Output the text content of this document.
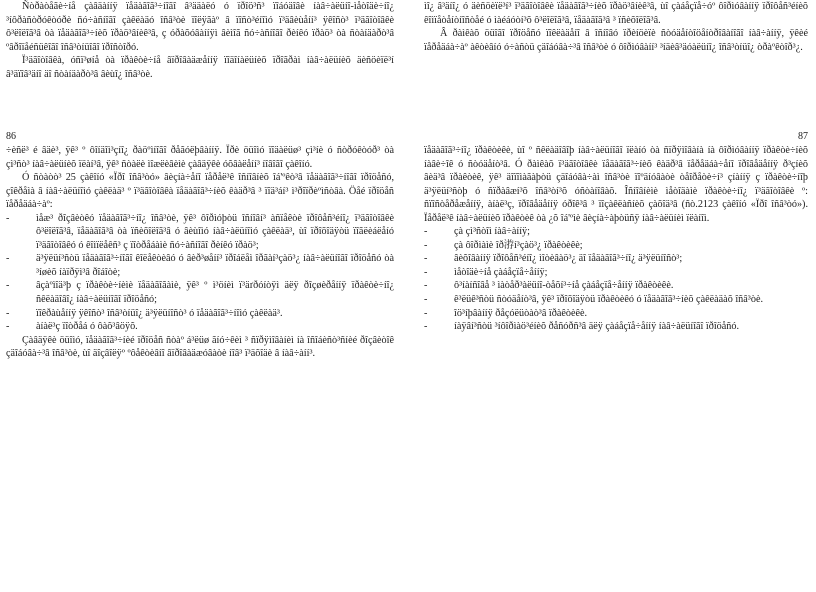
Ñòðàòåãè÷íå çàâäàííÿ ïåäàãîã³÷íîãî â³ääàëó ó ïðîö³ñ³ ïîáóäîâè íàâ÷àëüíî-ìåòîäè÷íî¿ ³íôðàñòðóêòóðè ñó÷àñíîãî çàêëàäó îñâ³òè ïîëÿãàº â ïîñò³éíîìó ï³äâèùåíí³ ÿêîñò³ ï³äãîòîâêè ô³ëîëîã³â òà ïåäàãîã³÷íèõ ïðàö³âíèê³â, ç óðàõóâàííÿì âèìîã ñó÷àñíîãî ðèíêó ïðàö³ òà ñòàíäàðò³â ºâðîïåéñüêîãî îñâ³òíüîãî ïðîñòîðó.

Ï³äãîòîâêà, óñï³øíå òà ïðàêòè÷íå âïðîâàäæåííÿ ïîäîíàëüíèõ ïðîãðàì íàâ÷àëüíèõ äèñöèïë³í â³äïîâ³äíî äî ñòàíäàðò³â âèùî¿ îñâ³òè.

86

÷èñë³ é âäè³, ÿê³ º ôîíäîì³çíî¿ ðàöºìíîãî ðåãóëþâàííÿ. Ïðè öüîìó ïîäàëüø³ çì³íè ó ñòðóêòóð³ òà çì³ñò³ íàâ÷àëüíèõ ïëàí³â, ÿê³ ñòàëè ìîæëèâèìè çàâäÿêè óõâàëåíí³ íîâîãî çàêîíó.

Ó ñòàòò³ 25 çàêîíó «Ïðî îñâ³òó» âèçíà÷åíî ïåðåë³ê îñíîâíèõ îá'ºêò³â ïåäàãîã³÷íîãî ïðîöåñó, çîêðåìà â íàâ÷àëüíîìó çàêëàä³ º ï³äãîòîâêà ïåäàãîã³÷íèõ êàäð³â ³ ïîä³áí³ ì³ðîïðèºìñòâà. Öåé ïðîöåñ ïåðåäáà÷àº:

-	ìåæ³ ðîçâèòêó ïåäàãîã³÷íî¿ îñâ³òè, ÿê³ ôîðìóþòü îñíîâí³ àñïåêòè ïðîôåñ³éíî¿ ï³äãîòîâêè ô³ëîëîã³â, ïåäàãîã³â òà ïñèõîëîã³â ó âèùîìó íàâ÷àëüíîìó çàêëàä³, ùî ïðîõîäÿòü ïîãëèáëåíó ï³äãîòîâêó ó êîìïëåêñ³ ç ïîòðåáàìè ñó÷àñíîãî ðèíêó ïðàö³;
-	ä³ÿëüí³ñòü ïåäàãîã³÷íîãî êîëåêòèâó ó âèð³øåíí³ ïðîáëåì îðãàí³çàö³¿ íàâ÷àëüíîãî ïðîöåñó òà ³íøèõ íàïðÿì³â ðîáîòè;
-	âçàºìîä³þ ç ïðàêòè÷íèìè ïåäàãîãàìè, ÿê³ º ì³öíèì ï³äґðóíòÿì äëÿ ðîçøèðåííÿ ïðàêòè÷íî¿ ñêëàäîâî¿ íàâ÷àëüíîãî ïðîöåñó;
-	ïîêðàùåííÿ ÿêîñò³ îñâ³òíüî¿ ä³ÿëüíîñò³ ó ïåäàãîã³÷íîìó çàêëàä³.
-	àíàë³ç ïîòðåá ó ôàõ³âöÿõ.

Çàâäÿêè öüîìó, ïåäàãîã³÷íèé ïðîöåñ ñòàº á³ëüø ãíó÷êèì ³ ñïðÿìîâàíèì íà îñîáèñò³ñíèé ðîçâèòîê çäîáóâà÷³â îñâ³òè, ùî äîçâîëÿº ºôåêòèâíî âïðîâàäæóâàòè íîâ³ ï³äõîäè â íàâ÷àíí³.

ìî¿ â³äíî¿ ó äèñöèïë³í³ ï³äãîòîâêè ïåäàãîã³÷íèõ ïðàö³âíèê³â, ùî çàáåçïå÷óº ôîðìóâàííÿ ïðîôåñ³éíèõ êîìïåòåíòíîñòåé ó ìàéáóòí³õ ô³ëîëîã³â, ïåäàãîã³â ³ ïñèõîëîã³â.

Â ðàìêàõ öüîãî ïðîöåñó ïîêëàäåíî â îñíîâó ïðèíöèïè ñòóäåíòîöåíòðîâàíîãî íàâ÷àííÿ, ÿêèé ïåðåäáà÷àº àêòèâíó ó÷àñòü çäîáóâà÷³â îñâ³òè ó ôîðìóâàíí³ ³íäèâ³äóàëüíî¿ îñâ³òíüî¿ òðàºêòîð³¿.

87

ïåäàãîã³÷íî¿ ïðàêòèêè, ùî º ñêëàäîâîþ íàâ÷àëüíîãî ïëàíó òà ñïðÿìîâàíà íà ôîðìóâàííÿ ïðàêòè÷íèõ íàâè÷îê ó ñòóäåíò³â. Ó ðàìêàõ ï³äãîòîâêè ïåäàãîã³÷íèõ êàäð³â ïåðåäáà÷åíî ïðîâåäåííÿ ð³çíèõ âèä³â ïðàêòèê, ÿê³ äîïîìàãàþòü çäîáóâà÷àì îñâ³òè ïîºäíóâàòè òåîðåòè÷í³ çíàííÿ ç ïðàêòè÷íîþ ä³ÿëüí³ñòþ ó ñïðàâæí³õ îñâ³òí³õ óñòàíîâàõ. Îñíîâíèìè ìåòîäàìè ïðàêòè÷íî¿ ï³äãîòîâêè º: ñïîñòåðåæåííÿ, àíàë³ç, ïðîâåäåííÿ óðîê³â ³ ïîçàêëàñíèõ çàõîä³â (ñò.2123 çàêîíó «Ïðî îñâ³òó»). Ïåðåë³ê íàâ÷àëüíèõ ïðàêòèê òà ¿õ îá'ºìè âèçíà÷àþòüñÿ íàâ÷àëüíèì ïëàíîì.

-	çà çì³ñòîì íàâ÷àííÿ;
-	çà ôîðìàìè îð㳺í³çàö³¿ ïðàêòèêè;
-	âèõîâàííÿ ïðîôåñ³éíî¿ ìîòèâàö³¿ äî ïåäàãîã³÷íî¿ ä³ÿëüíîñò³;
-	ìåòîäè÷íå çàáåçïå÷åííÿ;
-	ô³íàíñîâå ³ ìàòåð³àëüíî-òåõí³÷íå çàáåçïå÷åííÿ ïðàêòèêè.
-	ê³ëüê³ñòü ñòóäåíò³â, ÿê³ ïðîõîäÿòü ïðàêòèêó ó ïåäàãîã³÷íèõ çàêëàäàõ îñâ³òè.
-	îö³íþâàííÿ ðåçóëüòàò³â ïðàêòèêè.
-	íàÿâí³ñòü ³íôîðìàö³éíèõ ðåñóðñ³â äëÿ çàáåçïå÷åííÿ íàâ÷àëüíîãî ïðîöåñó.
